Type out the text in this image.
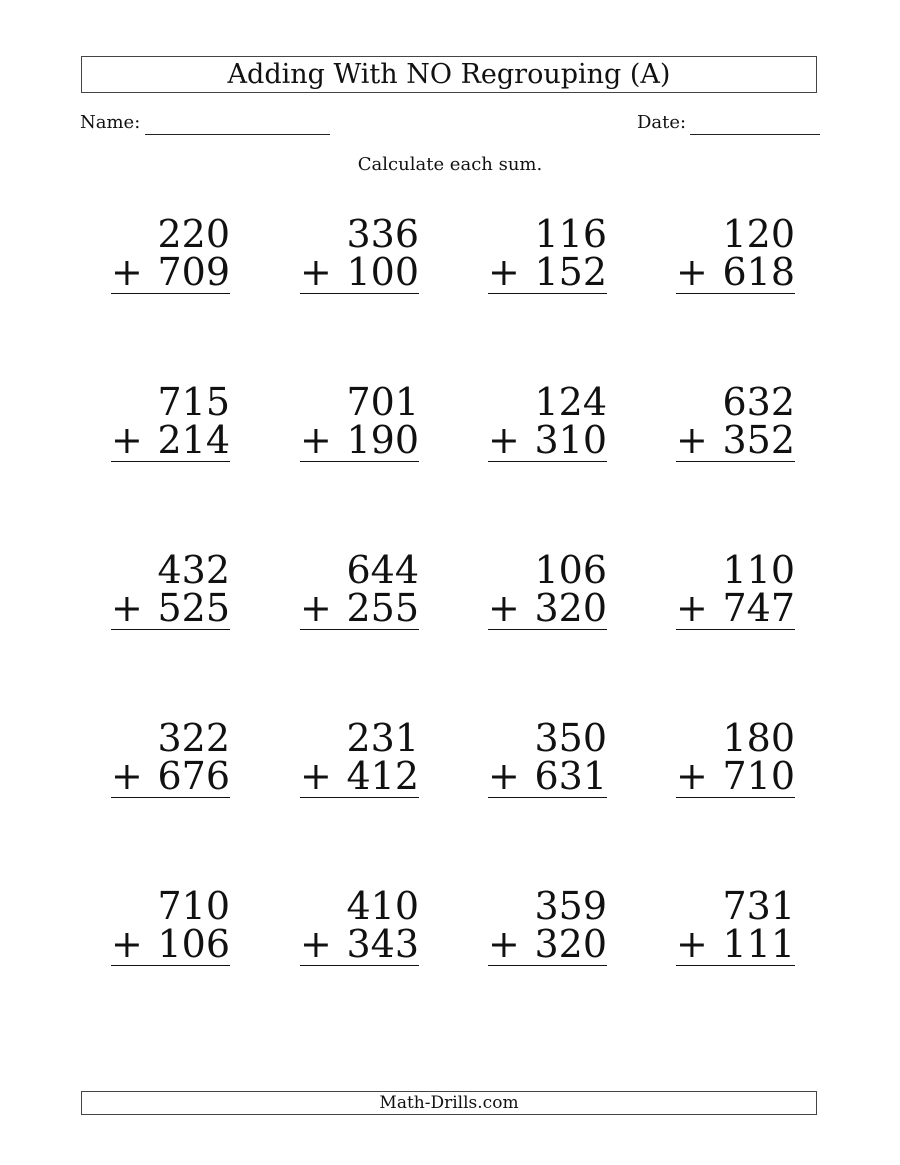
Adding With NO Regrouping (A)
Name:	Date:
Calculate each sum.
220
+ 709
336
+ 100
116
+ 152
120
+ 618
715
+ 214
701
+ 190
124
+ 310
632
+ 352
432
+ 525
644
+ 255
106
+ 320
110
+ 747
322
+ 676
231
+ 412
350
+ 631
180
+ 710
710
+ 106
410
+ 343
359
+ 320
731
+ 111
Math-Drills.com
